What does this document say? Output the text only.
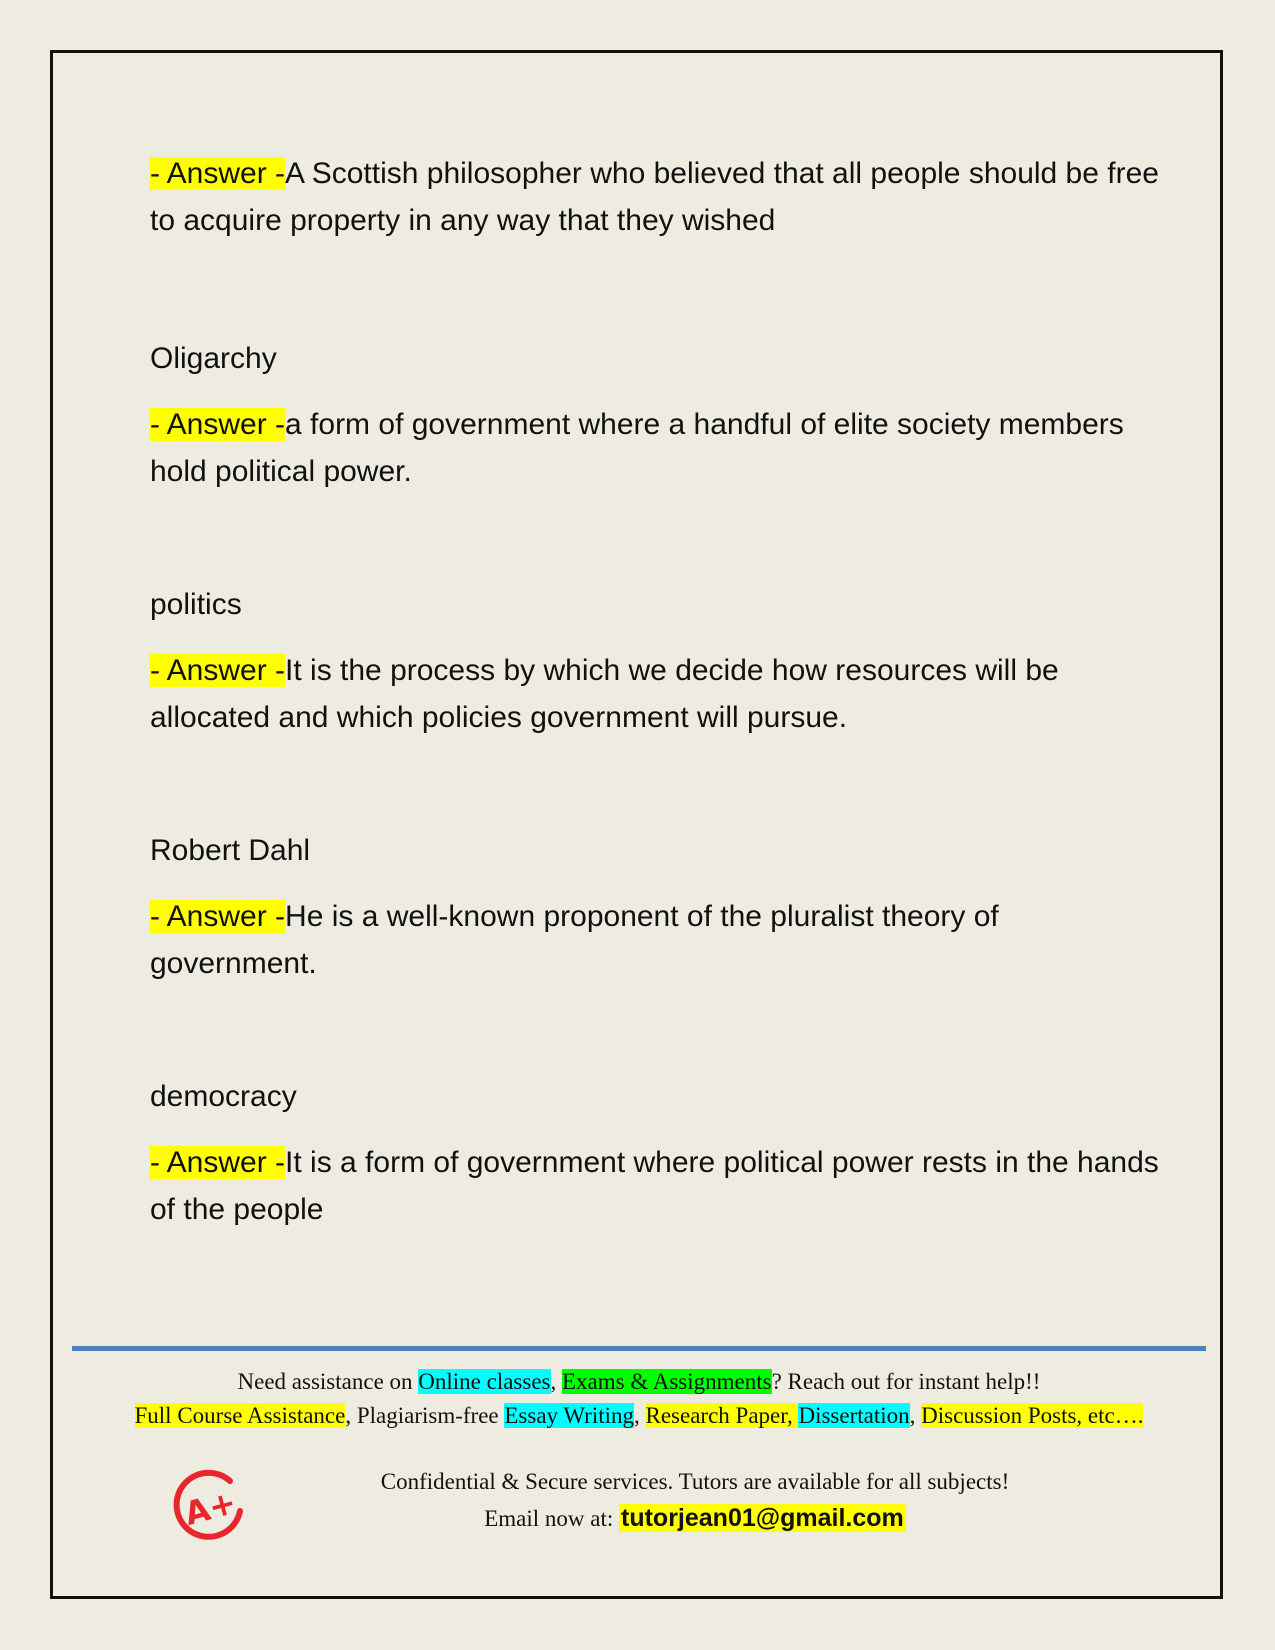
- Answer -A Scottish philosopher who believed that all people should be free to acquire property in any way that they wished

Oligarchy

- Answer -a form of government where a handful of elite society members hold political power.

politics

- Answer -It is the process by which we decide how resources will be allocated and which policies government will pursue.

Robert Dahl

- Answer -He is a well-known proponent of the pluralist theory of government.

democracy

- Answer -It is a form of government where political power rests in the hands of the people

Need assistance on Online classes, Exams & Assignments? Reach out for instant help!!
Full Course Assistance, Plagiarism-free Essay Writing, Research Paper, Dissertation, Discussion Posts, etc….
Confidential & Secure services. Tutors are available for all subjects!
Email now at: tutorjean01@gmail.com
A+
